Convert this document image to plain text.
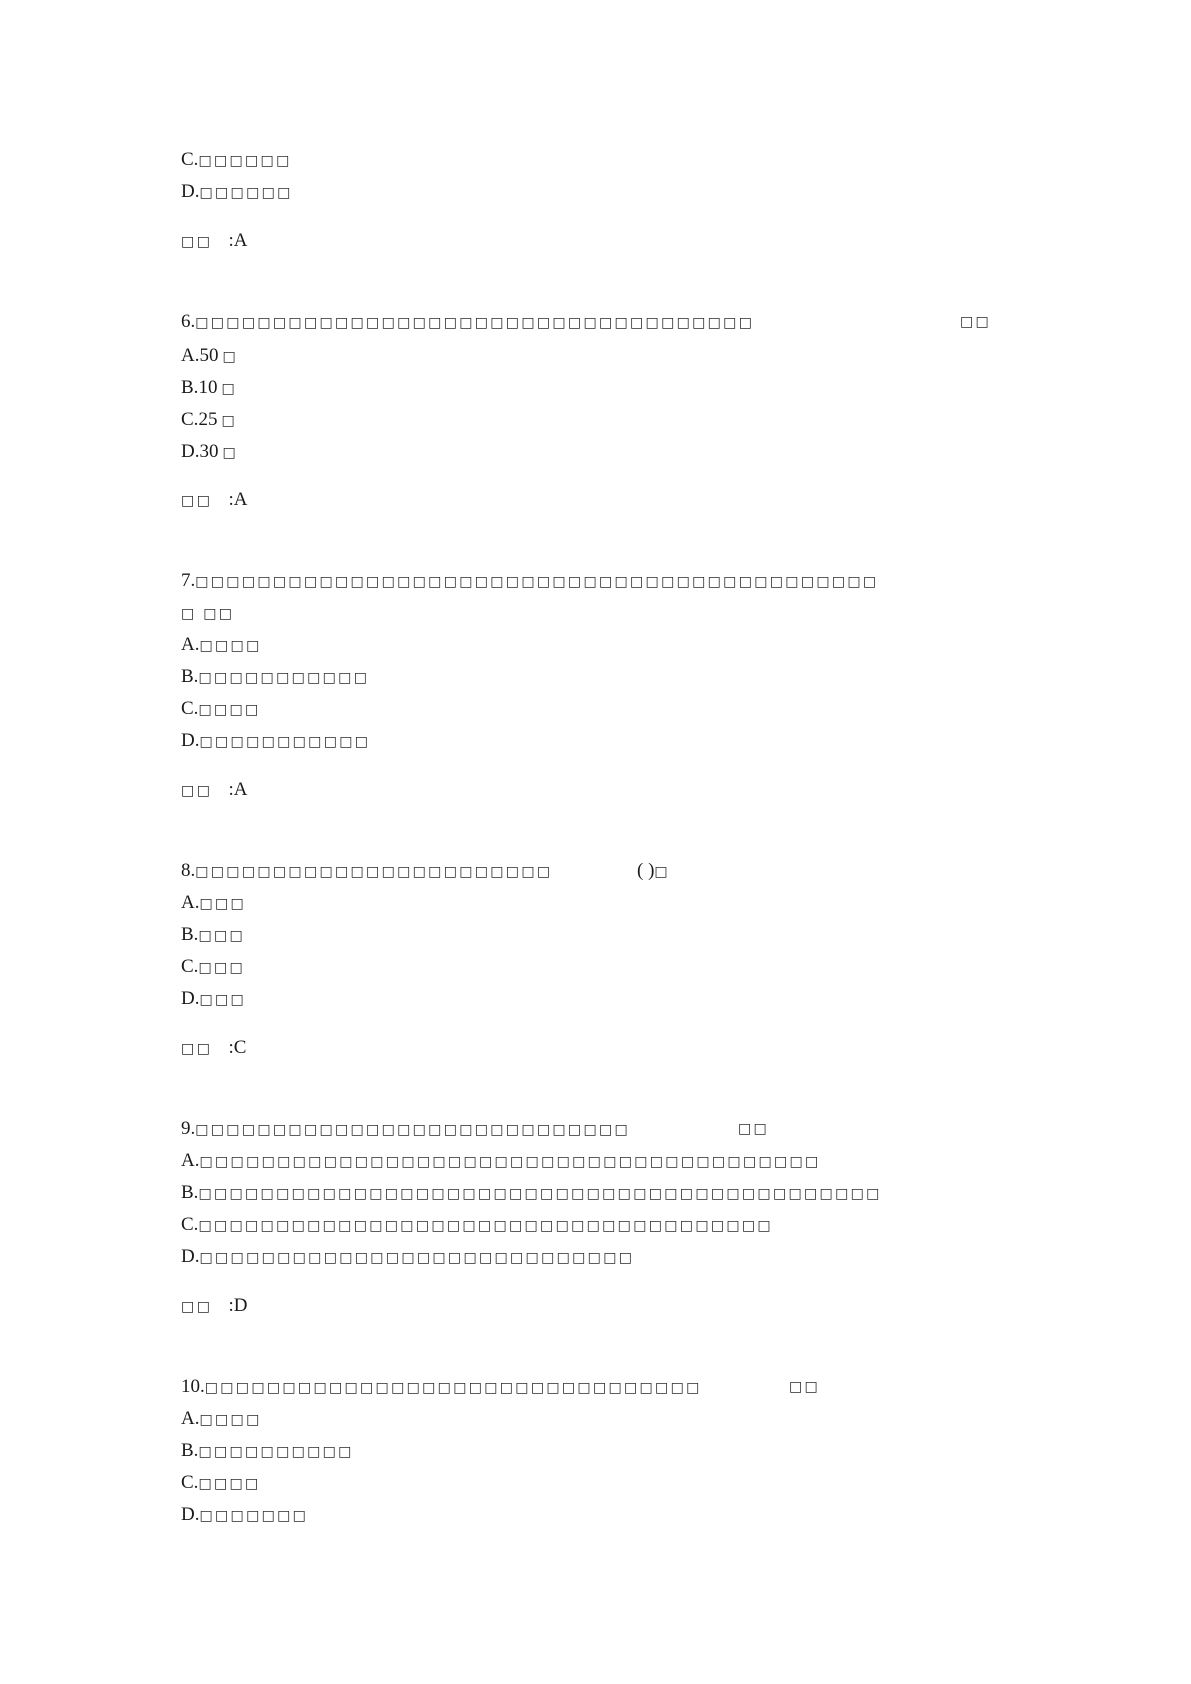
C.□□□□□□
D.□□□□□□
□□ :A
6.□□□□□□□□□□□□□□□□□□□□□□□□□□□□□□□□□□□□
A.50 □
B.10 □
C.25 □
D.30 □
□□ :A
7.□□□□□□□□□□□□□□□□□□□□□□□□□□□□□□□□□□□□□□□□□□□□
□ □□
A.□□□□
B.□□□□□□□□□□□
C.□□□□
D.□□□□□□□□□□□
□□ :A
8.□□□□□□□□□□□□□□□□□□□□□□□
A.□□□
B.□□□
C.□□□
D.□□□
□□ :C
9.□□□□□□□□□□□□□□□□□□□□□□□□□□□□
A.□□□□□□□□□□□□□□□□□□□□□□□□□□□□□□□□□□□□□□□□
B.□□□□□□□□□□□□□□□□□□□□□□□□□□□□□□□□□□□□□□□□□□□□
C.□□□□□□□□□□□□□□□□□□□□□□□□□□□□□□□□□□□□□
D.□□□□□□□□□□□□□□□□□□□□□□□□□□□□
□□ :D
10.□□□□□□□□□□□□□□□□□□□□□□□□□□□□□□□□
A.□□□□
B.□□□□□□□□□□
C.□□□□
D.□□□□□□□
□□
□□
□□
( )□
